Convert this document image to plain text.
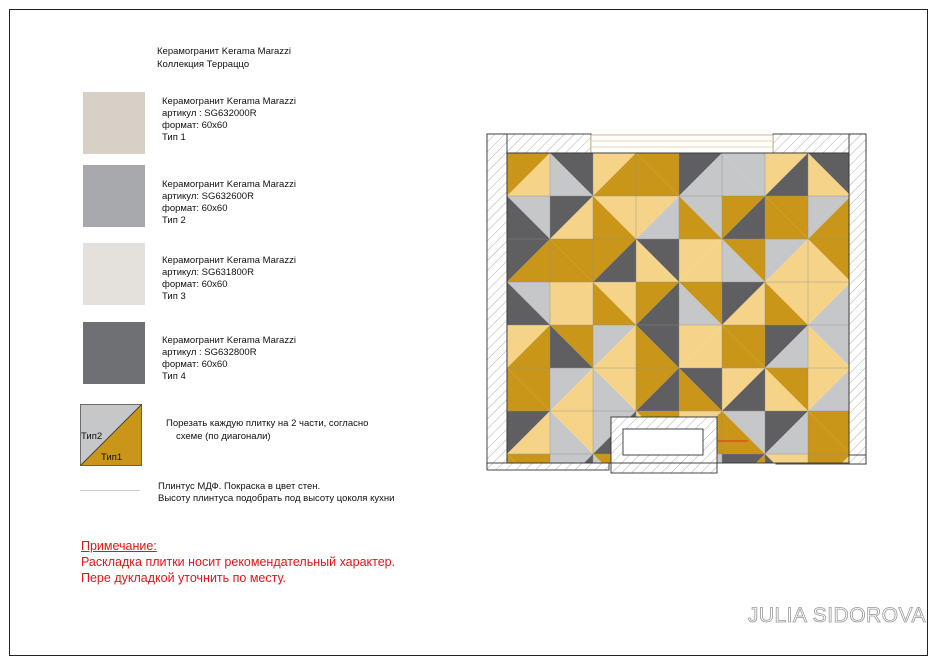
Керамогранит Kerama Marazzi
Коллекция Терраццо
Керамогранит Kerama Marazzi
артикул : SG632000R
формат: 60х60
Тип 1
Керамогранит Kerama Marazzi
артикул: SG632600R
формат: 60х60
Тип 2
Керамогранит Kerama Marazzi
артикул: SG631800R
формат: 60х60
Тип 3
Керамогранит Kerama Marazzi
артикул : SG632800R
формат: 60х60
Тип 4
Тип2
Тип1
Порезать каждую плитку на 2 части, согласно
схеме (по диагонали)
Плинтус МДФ. Покраска в цвет стен.
Высоту плинтуса подобрать под высоту цоколя кухни
Примечание:
Раскладка плитки носит рекомендательный характер.
Пере дукладкой уточнить по месту.
JULIA SIDOROVA
